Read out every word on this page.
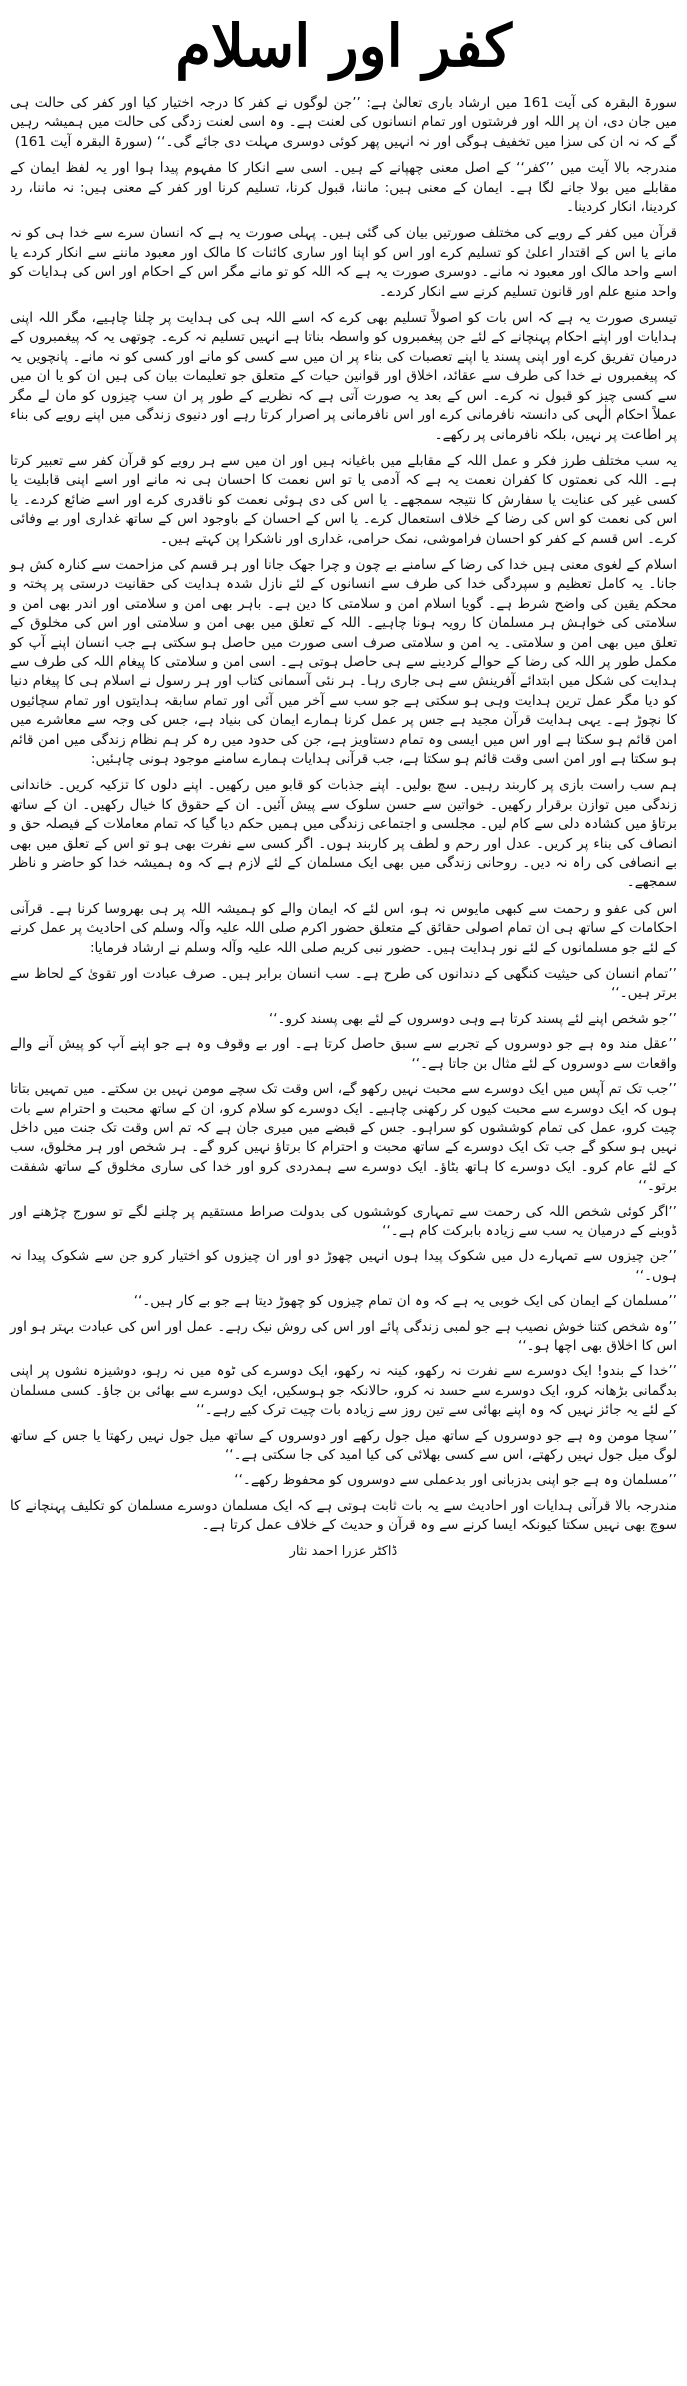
کفر اور اسلام

سورۃ البقرہ کی آیت 161 میں ارشاد باری تعالیٰ ہے: ’’جن لوگوں نے کفر کا درجہ اختیار کیا اور کفر کی حالت ہی میں جان دی، ان پر اللہ اور فرشتوں اور تمام انسانوں کی لعنت ہے۔ وہ اسی لعنت زدگی کی حالت میں ہمیشہ رہیں گے کہ نہ ان کی سزا میں تخفیف ہوگی اور نہ انہیں پھر کوئی دوسری مہلت دی جائے گی۔‘‘ (سورۃ البقرہ آیت 161)

مندرجہ بالا آیت میں ’’کفر‘‘ کے اصل معنی چھپانے کے ہیں۔ اسی سے انکار کا مفہوم پیدا ہوا اور یہ لفظ ایمان کے مقابلے میں بولا جانے لگا ہے۔ ایمان کے معنی ہیں: ماننا، قبول کرنا، تسلیم کرنا اور کفر کے معنی ہیں: نہ ماننا، رد کردینا، انکار کردینا۔

قرآن میں کفر کے رویے کی مختلف صورتیں بیان کی گئی ہیں۔ پہلی صورت یہ ہے کہ انسان سرے سے خدا ہی کو نہ مانے یا اس کے اقتدار اعلیٰ کو تسلیم کرے اور اس کو اپنا اور ساری کائنات کا مالک اور معبود ماننے سے انکار کردے یا اسے واحد مالک اور معبود نہ مانے۔ دوسری صورت یہ ہے کہ اللہ کو تو مانے مگر اس کے احکام اور اس کی ہدایات کو واحد منبع علم اور قانون تسلیم کرنے سے انکار کردے۔

تیسری صورت یہ ہے کہ اس بات کو اصولاً تسلیم بھی کرے کہ اسے اللہ ہی کی ہدایت پر چلنا چاہیے، مگر اللہ اپنی ہدایات اور اپنے احکام پہنچانے کے لئے جن پیغمبروں کو واسطہ بناتا ہے انہیں تسلیم نہ کرے۔ چوتھی یہ کہ پیغمبروں کے درمیان تفریق کرے اور اپنی پسند یا اپنے تعصبات کی بناء پر ان میں سے کسی کو مانے اور کسی کو نہ مانے۔ پانچویں یہ کہ پیغمبروں نے خدا کی طرف سے عقائد، اخلاق اور قوانین حیات کے متعلق جو تعلیمات بیان کی ہیں ان کو یا ان میں سے کسی چیز کو قبول نہ کرے۔ اس کے بعد یہ صورت آتی ہے کہ نظریے کے طور پر ان سب چیزوں کو مان لے مگر عملاً احکام الٰہی کی دانستہ نافرمانی کرے اور اس نافرمانی پر اصرار کرتا رہے اور دنیوی زندگی میں اپنے رویے کی بناء پر اطاعت پر نہیں، بلکہ نافرمانی پر رکھے۔

یہ سب مختلف طرز فکر و عمل اللہ کے مقابلے میں باغیانہ ہیں اور ان میں سے ہر رویے کو قرآن کفر سے تعبیر کرتا ہے۔ اللہ کی نعمتوں کا کفران نعمت یہ ہے کہ آدمی یا تو اس نعمت کا احسان ہی نہ مانے اور اسے اپنی قابلیت یا کسی غیر کی عنایت یا سفارش کا نتیجہ سمجھے۔ یا اس کی دی ہوئی نعمت کو ناقدری کرے اور اسے ضائع کردے۔ یا اس کی نعمت کو اس کی رضا کے خلاف استعمال کرے۔ یا اس کے احسان کے باوجود اس کے ساتھ غداری اور بے وفائی کرے۔ اس قسم کے کفر کو احسان فراموشی، نمک حرامی، غداری اور ناشکرا پن کہتے ہیں۔

اسلام کے لغوی معنی ہیں خدا کی رضا کے سامنے بے چون و چرا جھک جانا اور ہر قسم کی مزاحمت سے کنارہ کش ہو جانا۔ یہ کامل تعظیم و سپردگی خدا کی طرف سے انسانوں کے لئے نازل شدہ ہدایت کی حقانیت درستی پر پختہ و محکم یقین کی واضح شرط ہے۔ گویا اسلام امن و سلامتی کا دین ہے۔ باہر بھی امن و سلامتی اور اندر بھی امن و سلامتی کی خواہش ہر مسلمان کا رویہ ہونا چاہیے۔ اللہ کے تعلق میں بھی امن و سلامتی اور اس کی مخلوق کے تعلق میں بھی امن و سلامتی۔ یہ امن و سلامتی صرف اسی صورت میں حاصل ہو سکتی ہے جب انسان اپنے آپ کو مکمل طور پر اللہ کی رضا کے حوالے کردینے سے ہی حاصل ہوتی ہے۔ اسی امن و سلامتی کا پیغام اللہ کی طرف سے ہدایت کی شکل میں ابتدائے آفرینش سے ہی جاری رہا۔ ہر نئی آسمانی کتاب اور ہر رسول نے اسلام ہی کا پیغام دنیا کو دیا مگر عمل ترین ہدایت وہی ہو سکتی ہے جو سب سے آخر میں آئی اور تمام سابقہ ہدایتوں اور تمام سچائیوں کا نچوڑ ہے۔ یہی ہدایت قرآن مجید ہے جس پر عمل کرنا ہمارے ایمان کی بنیاد ہے، جس کی وجہ سے معاشرے میں امن قائم ہو سکتا ہے اور اس میں ایسی وہ تمام دستاویز ہے، جن کی حدود میں رہ کر ہم نظام زندگی میں امن قائم ہو سکتا ہے اور امن اسی وقت قائم ہو سکتا ہے، جب قرآنی ہدایات ہمارے سامنے موجود ہونی چاہئیں:

ہم سب راست بازی پر کاربند رہیں۔ سچ بولیں۔ اپنے جذبات کو قابو میں رکھیں۔ اپنے دلوں کا تزکیہ کریں۔ خاندانی زندگی میں توازن برقرار رکھیں۔ خواتین سے حسن سلوک سے پیش آئیں۔ ان کے حقوق کا خیال رکھیں۔ ان کے ساتھ برتاؤ میں کشادہ دلی سے کام لیں۔ مجلسی و اجتماعی زندگی میں ہمیں حکم دیا گیا کہ تمام معاملات کے فیصلہ حق و انصاف کی بناء پر کریں۔ عدل اور رحم و لطف پر کاربند ہوں۔ اگر کسی سے نفرت بھی ہو تو اس کے تعلق میں بھی بے انصافی کی راہ نہ دیں۔ روحانی زندگی میں بھی ایک مسلمان کے لئے لازم ہے کہ وہ ہمیشہ خدا کو حاضر و ناظر سمجھے۔

اس کی عفو و رحمت سے کبھی مایوس نہ ہو، اس لئے کہ ایمان والے کو ہمیشہ اللہ پر ہی بھروسا کرنا ہے۔ قرآنی احکامات کے ساتھ ہی ان تمام اصولی حقائق کے متعلق حضور اکرم صلی اللہ علیہ وآلہ وسلم کی احادیث پر عمل کرنے کے لئے جو مسلمانوں کے لئے نور ہدایت ہیں۔ حضور نبی کریم صلی اللہ علیہ وآلہ وسلم نے ارشاد فرمایا:

’’تمام انسان کی حیثیت کنگھی کے دندانوں کی طرح ہے۔ سب انسان برابر ہیں۔ صرف عبادت اور تقویٰ کے لحاظ سے برتر ہیں۔‘‘

’’جو شخص اپنے لئے پسند کرتا ہے وہی دوسروں کے لئے بھی پسند کرو۔‘‘

’’عقل مند وہ ہے جو دوسروں کے تجربے سے سبق حاصل کرتا ہے۔ اور بے وقوف وہ ہے جو اپنے آپ کو پیش آنے والے واقعات سے دوسروں کے لئے مثال بن جاتا ہے۔‘‘

’’جب تک تم آپس میں ایک دوسرے سے محبت نہیں رکھو گے، اس وقت تک سچے مومن نہیں بن سکتے۔ میں تمہیں بتاتا ہوں کہ ایک دوسرے سے محبت کیوں کر رکھنی چاہیے۔ ایک دوسرے کو سلام کرو، ان کے ساتھ محبت و احترام سے بات چیت کرو، عمل کی تمام کوششوں کو سراہو۔ جس کے قبضے میں میری جان ہے کہ تم اس وقت تک جنت میں داخل نہیں ہو سکو گے جب تک ایک دوسرے کے ساتھ محبت و احترام کا برتاؤ نہیں کرو گے۔ ہر شخص اور ہر مخلوق، سب کے لئے عام کرو۔ ایک دوسرے کا ہاتھ بٹاؤ۔ ایک دوسرے سے ہمدردی کرو اور خدا کی ساری مخلوق کے ساتھ شفقت برتو۔‘‘

’’اگر کوئی شخص اللہ کی رحمت سے تمہاری کوششوں کی بدولت صراط مستقیم پر چلنے لگے تو سورج چڑھنے اور ڈوبنے کے درمیان یہ سب سے زیادہ بابرکت کام ہے۔‘‘

’’جن چیزوں سے تمہارے دل میں شکوک پیدا ہوں انہیں چھوڑ دو اور ان چیزوں کو اختیار کرو جن سے شکوک پیدا نہ ہوں۔‘‘

’’مسلمان کے ایمان کی ایک خوبی یہ ہے کہ وہ ان تمام چیزوں کو چھوڑ دیتا ہے جو بے کار ہیں۔‘‘

’’وہ شخص کتنا خوش نصیب ہے جو لمبی زندگی پائے اور اس کی روش نیک رہے۔ عمل اور اس کی عبادت بہتر ہو اور اس کا اخلاق بھی اچھا ہو۔‘‘

’’خدا کے بندو! ایک دوسرے سے نفرت نہ رکھو، کینہ نہ رکھو، ایک دوسرے کی ٹوہ میں نہ رہو، دوشیزہ نشوں پر اپنی بدگمانی بڑھانہ کرو، ایک دوسرے سے حسد نہ کرو، حالانکہ جو ہوسکیں، ایک دوسرے سے بھائی بن جاؤ۔ کسی مسلمان کے لئے یہ جائز نہیں کہ وہ اپنے بھائی سے تین روز سے زیادہ بات چیت ترک کیے رہے۔‘‘

’’سچا مومن وہ ہے جو دوسروں کے ساتھ میل جول رکھے اور دوسروں کے ساتھ میل جول نہیں رکھتا یا جس کے ساتھ لوگ میل جول نہیں رکھتے، اس سے کسی بھلائی کی کیا امید کی جا سکتی ہے۔‘‘

’’مسلمان وہ ہے جو اپنی بدزبانی اور بدعملی سے دوسروں کو محفوظ رکھے۔‘‘

مندرجہ بالا قرآنی ہدایات اور احادیث سے یہ بات ثابت ہوتی ہے کہ ایک مسلمان دوسرے مسلمان کو تکلیف پہنچانے کا سوچ بھی نہیں سکتا کیونکہ ایسا کرنے سے وہ قرآن و حدیث کے خلاف عمل کرتا ہے۔

ڈاکٹر عزرا احمد نثار
